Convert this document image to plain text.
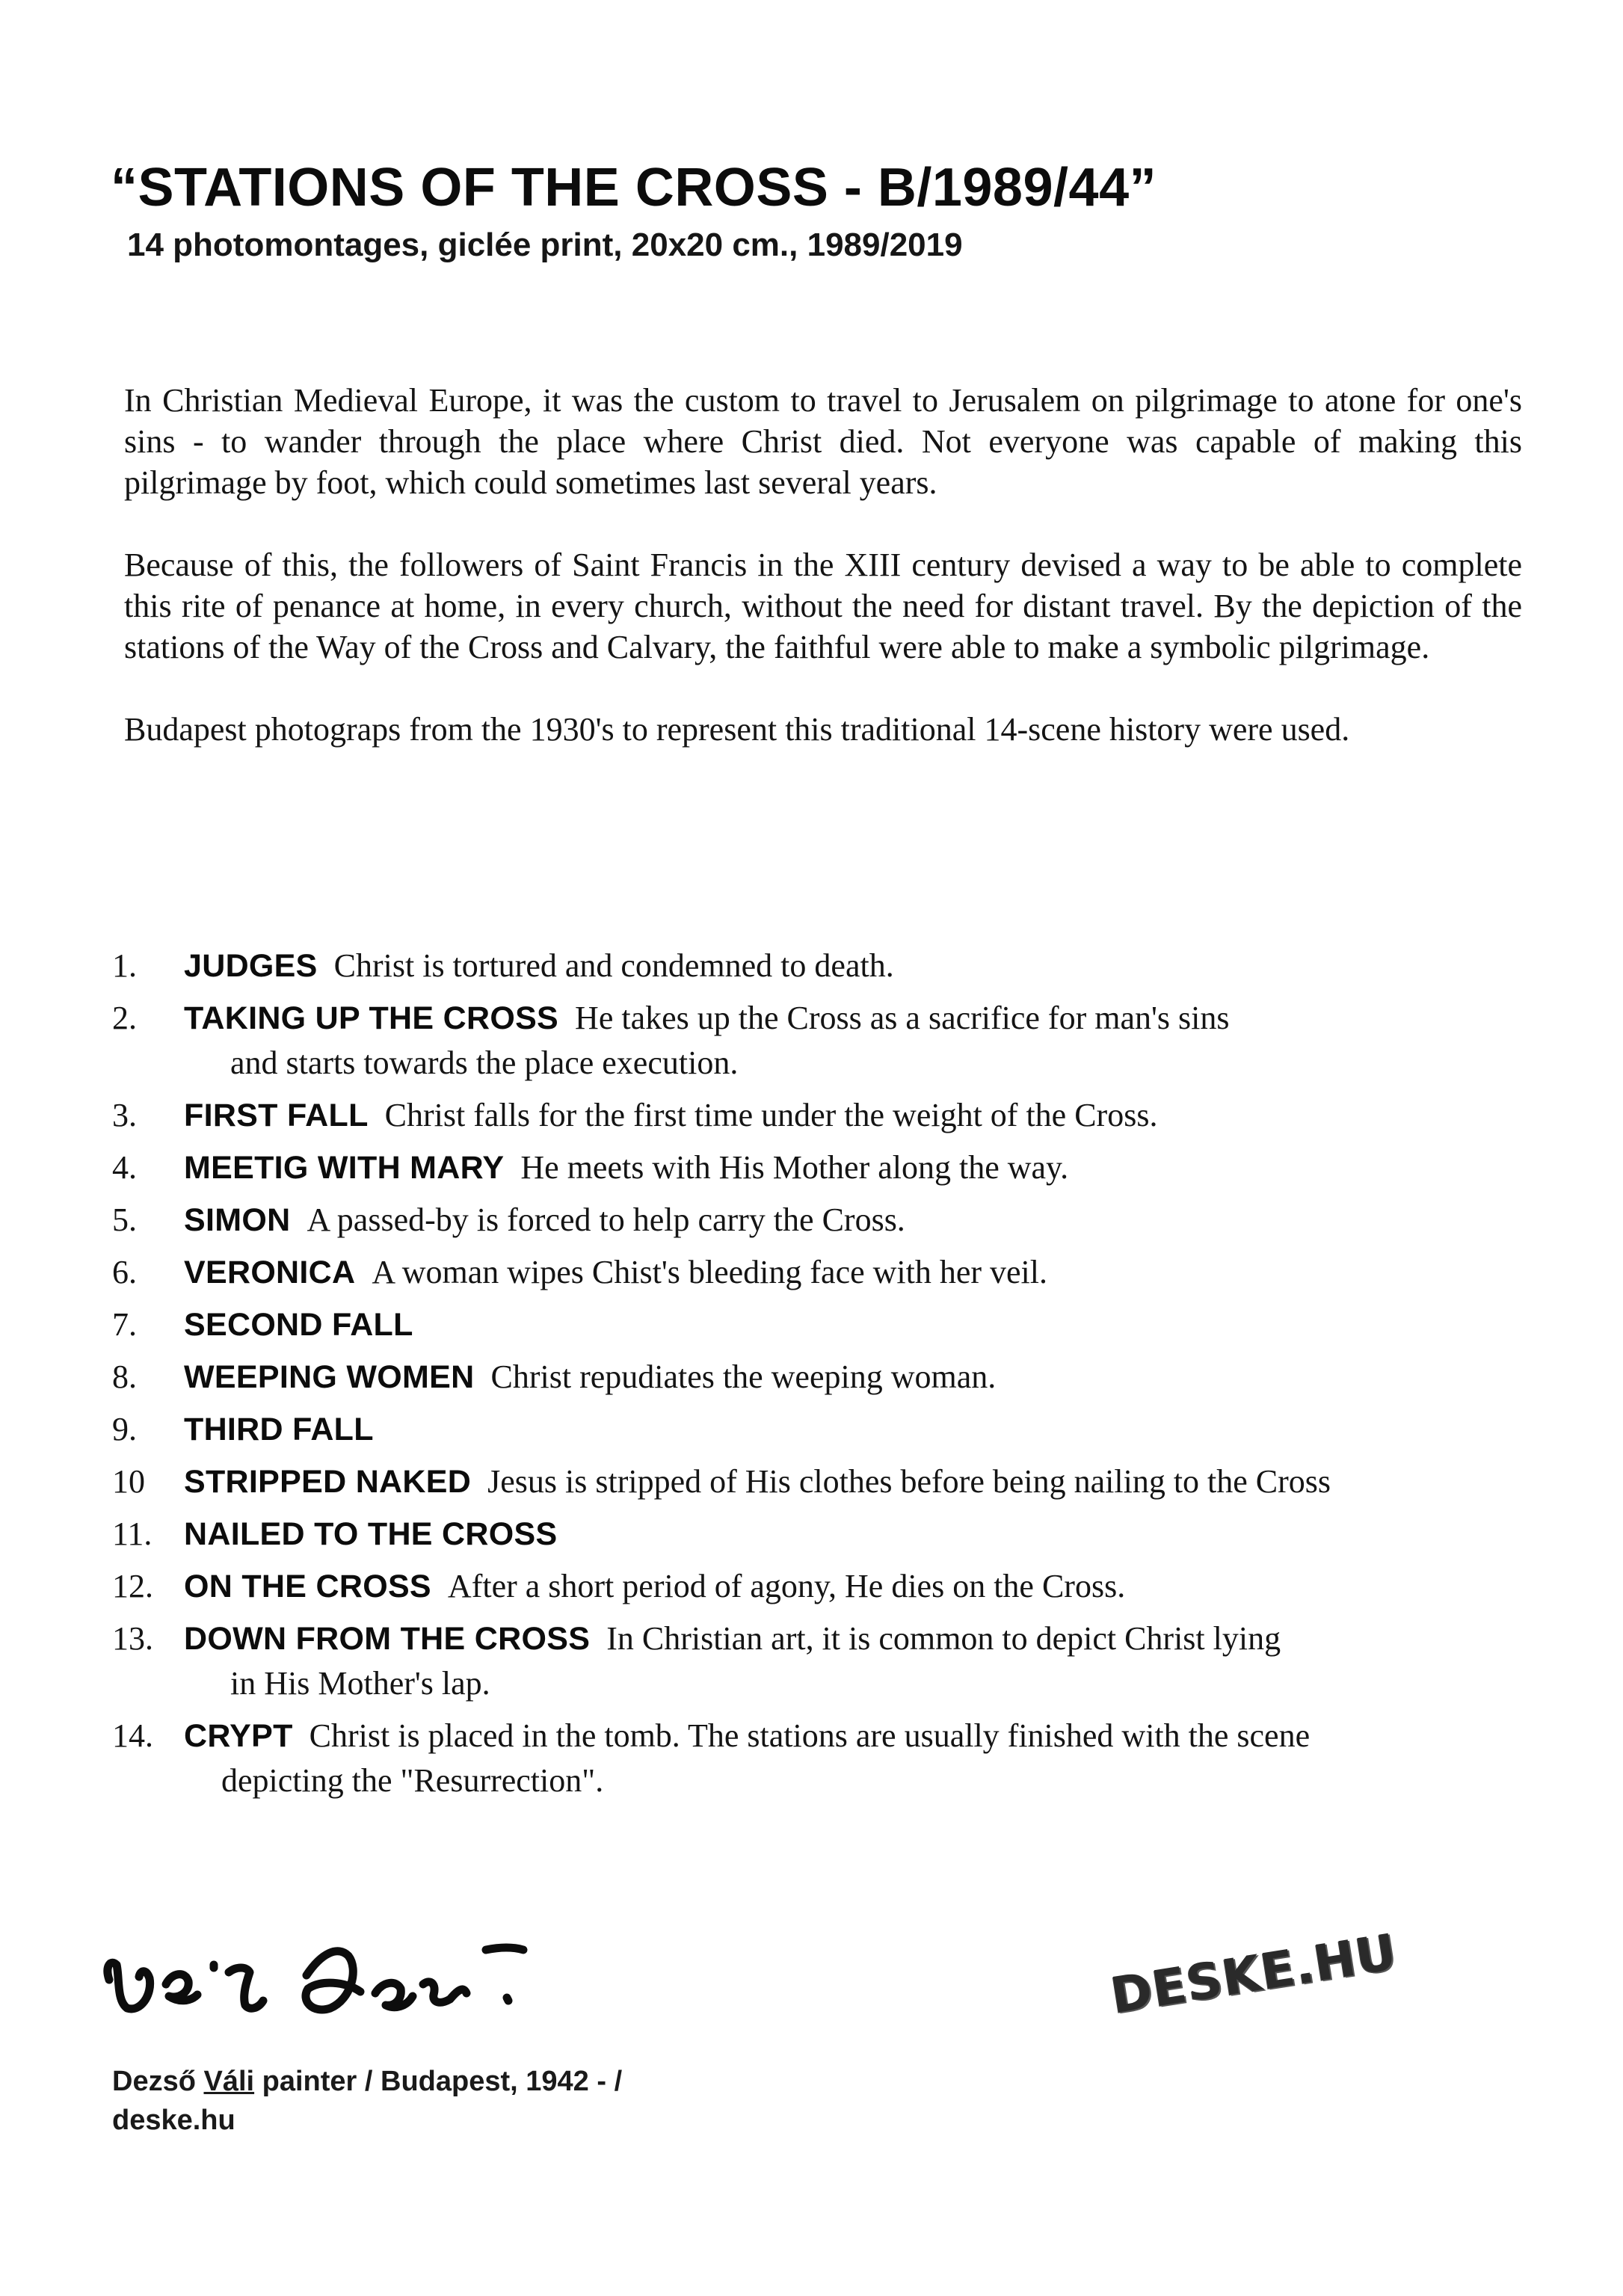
“STATIONS OF THE CROSS - B/1989/44”
14 photomontages, giclée print, 20x20 cm., 1989/2019

In Christian Medieval Europe, it was the custom to travel to Jerusalem on pilgrimage to atone for one's sins - to wander through the place where Christ died. Not everyone was capable of making this pilgrimage by foot, which could sometimes last several years.

Because of this, the followers of Saint Francis in the XIII century devised a way to be able to complete this rite of penance at home, in every church, without the need for distant travel. By the depiction of the stations of the Way of the Cross and Calvary, the faithful were able to make a symbolic pilgrimage.

Budapest photograps from the 1930's to represent this traditional 14-scene history were used.

1. JUDGES Christ is tortured and condemned to death.
2. TAKING UP THE CROSS He takes up the Cross as a sacrifice for man's sins
and starts towards the place execution.
3. FIRST FALL Christ falls for the first time under the weight of the Cross.
4. MEETIG WITH MARY He meets with His Mother along the way.
5. SIMON A passed-by is forced to help carry the Cross.
6. VERONICA A woman wipes Chist's bleeding face with her veil.
7. SECOND FALL
8. WEEPING WOMEN Christ repudiates the weeping woman.
9. THIRD FALL
10 STRIPPED NAKED Jesus is stripped of His clothes before being nailing to the Cross
11. NAILED TO THE CROSS
12. ON THE CROSS After a short period of agony, He dies on the Cross.
13. DOWN FROM THE CROSS In Christian art, it is common to depict Christ lying
in His Mother's lap.
14. CRYPT Christ is placed in the tomb. The stations are usually finished with the scene
depicting the "Resurrection".
Dezső Váli painter / Budapest, 1942 - /
deske.hu
DESKE.HU
